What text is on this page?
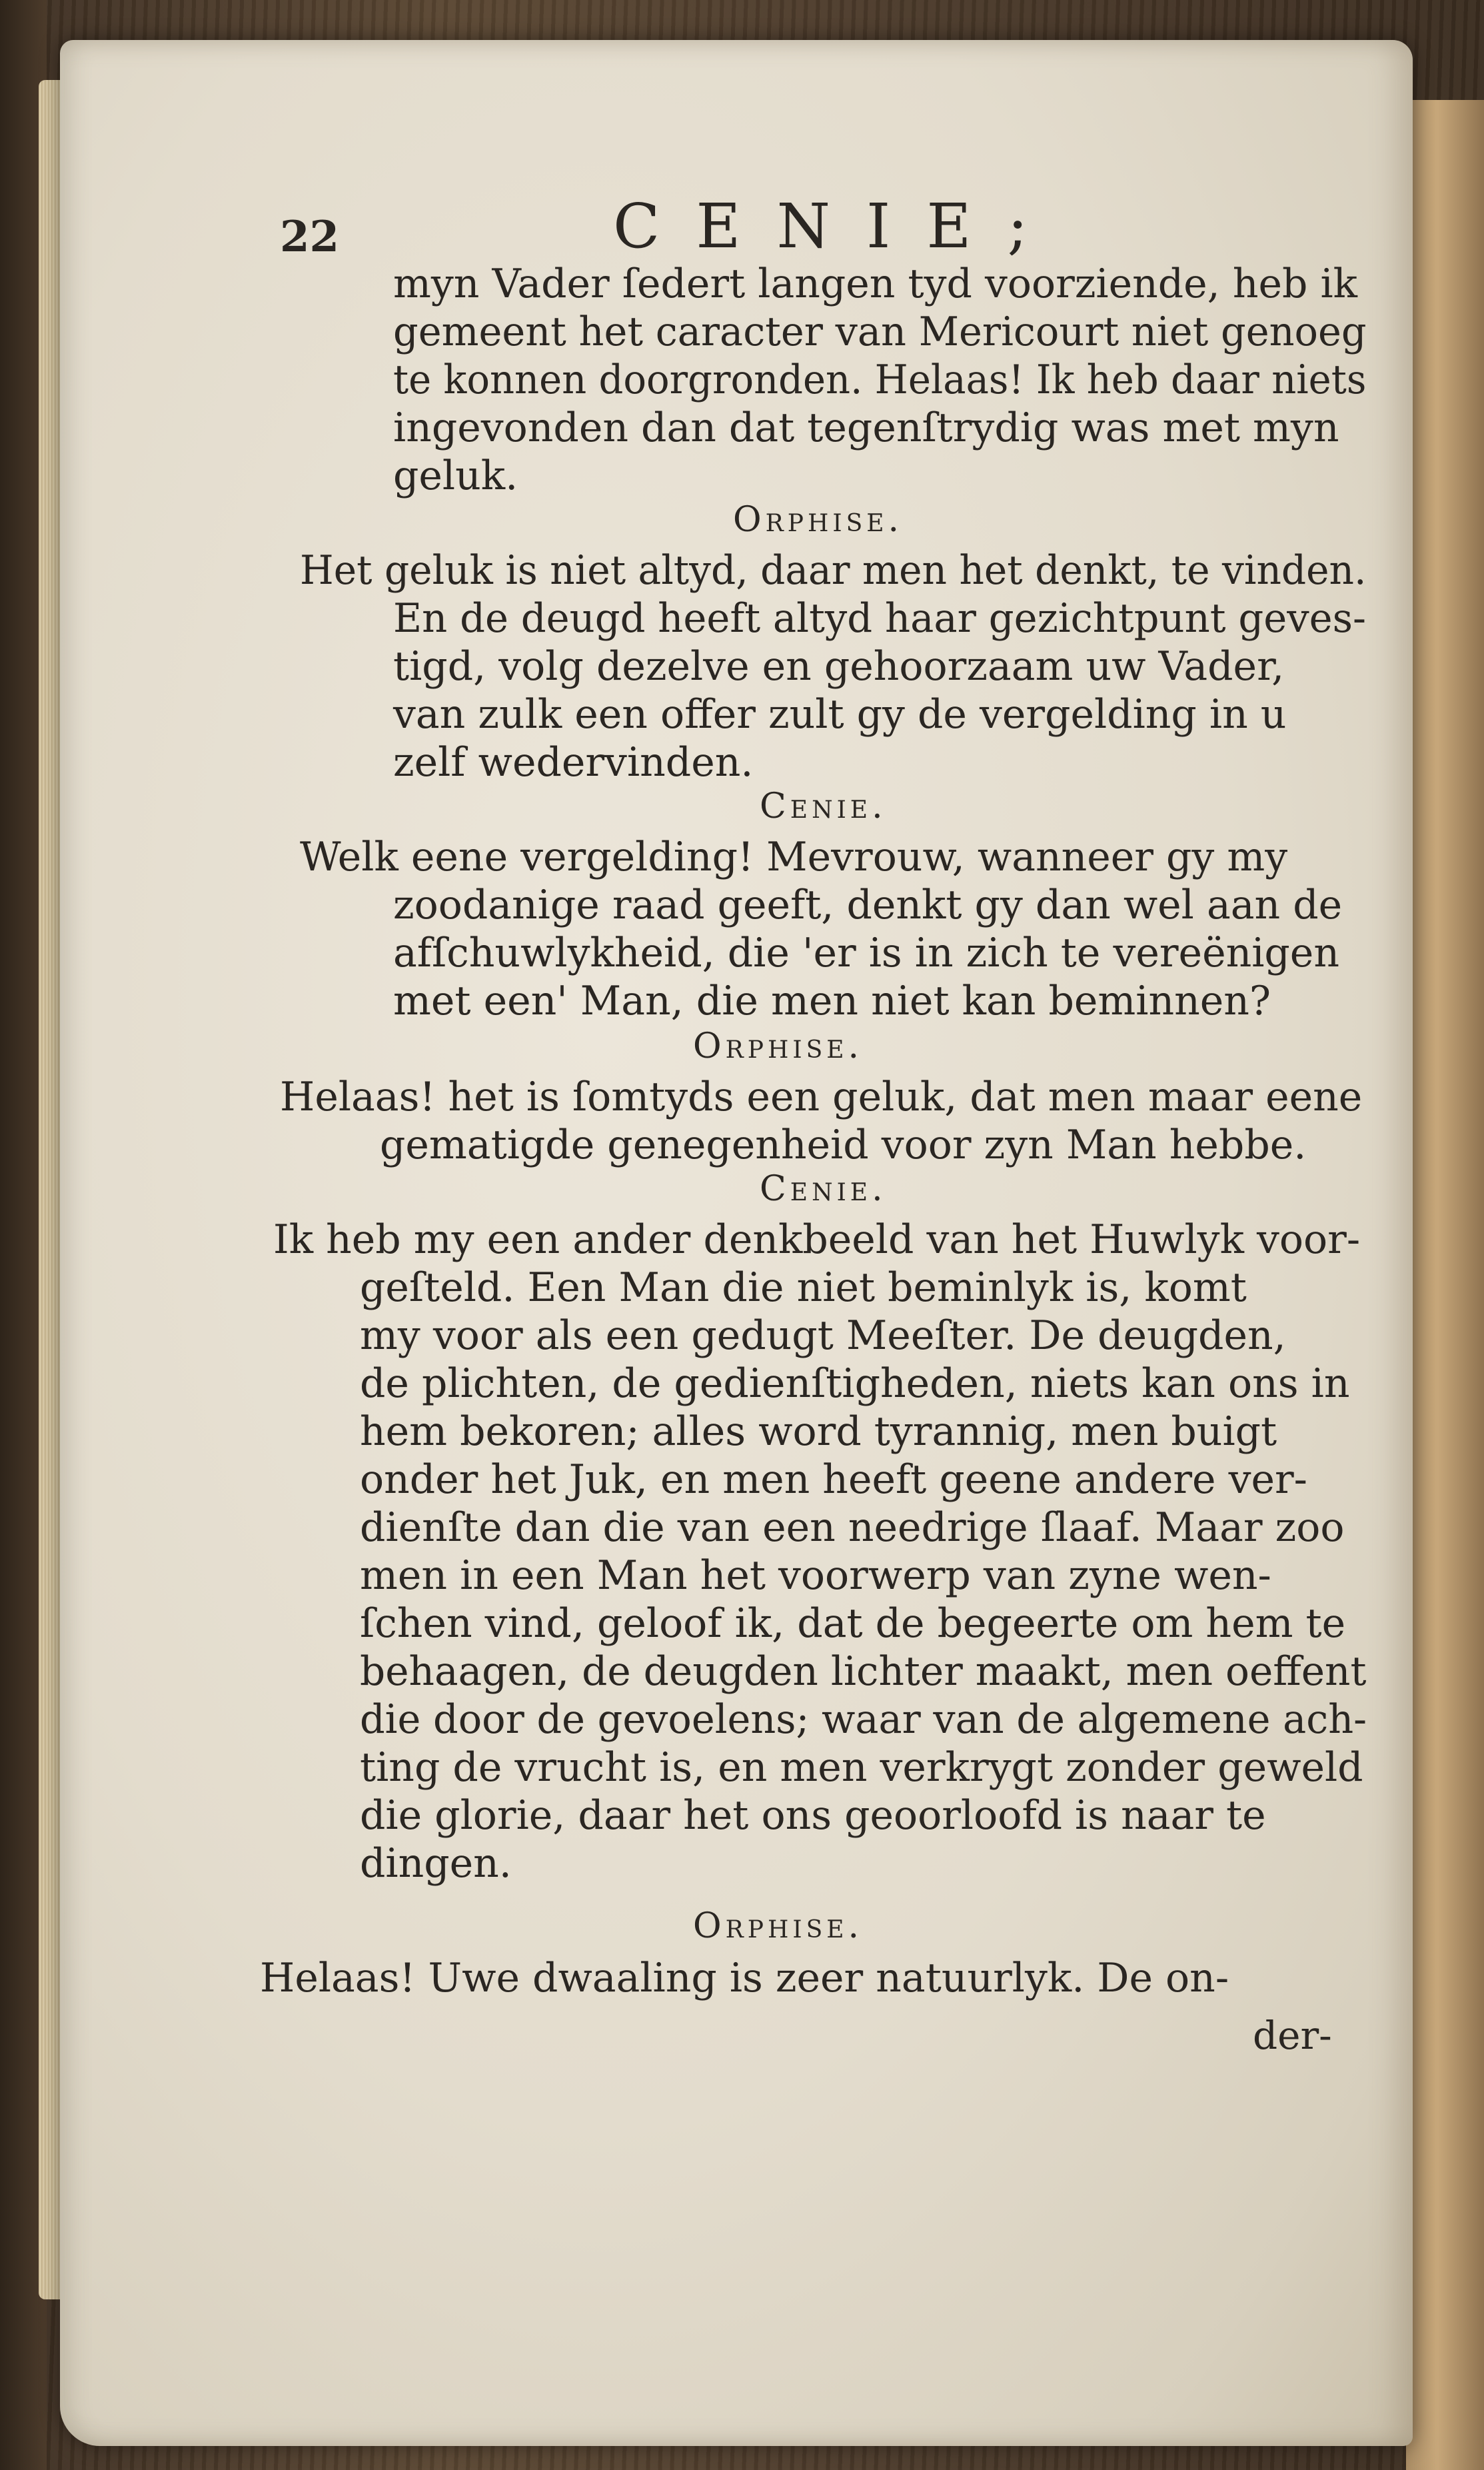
22	CENIE;
myn Vader ſedert langen tyd voorziende, heb ik
gemeent het caracter van Mericourt niet genoeg
te konnen doorgronden. Helaas! Ik heb daar niets
ingevonden dan dat tegenſtrydig was met myn
geluk.
Orphise.
Het geluk is niet altyd, daar men het denkt, te vinden.
En de deugd heeft altyd haar gezichtpunt geves-
tigd, volg dezelve en gehoorzaam uw Vader,
van zulk een offer zult gy de vergelding in u
zelf wedervinden.
Cenie.
Welk eene vergelding! Mevrouw, wanneer gy my
zoodanige raad geeft, denkt gy dan wel aan de
afſchuwlykheid, die 'er is in zich te vereënigen
met een' Man, die men niet kan beminnen?
Orphise.
Helaas! het is ſomtyds een geluk, dat men maar eene
gematigde genegenheid voor zyn Man hebbe.
Cenie.
Ik heb my een ander denkbeeld van het Huwlyk voor-
geſteld. Een Man die niet beminlyk is, komt
my voor als een gedugt Meeſter. De deugden,
de plichten, de gedienſtigheden, niets kan ons in
hem bekoren; alles word tyrannig, men buigt
onder het Juk, en men heeft geene andere ver-
dienſte dan die van een needrige ſlaaf. Maar zoo
men in een Man het voorwerp van zyne wen-
ſchen vind, geloof ik, dat de begeerte om hem te
behaagen, de deugden lichter maakt, men oeffent
die door de gevoelens; waar van de algemene ach-
ting de vrucht is, en men verkrygt zonder geweld
die glorie, daar het ons geoorloofd is naar te
dingen.
Orphise.
Helaas! Uwe dwaaling is zeer natuurlyk. De on-
der-
